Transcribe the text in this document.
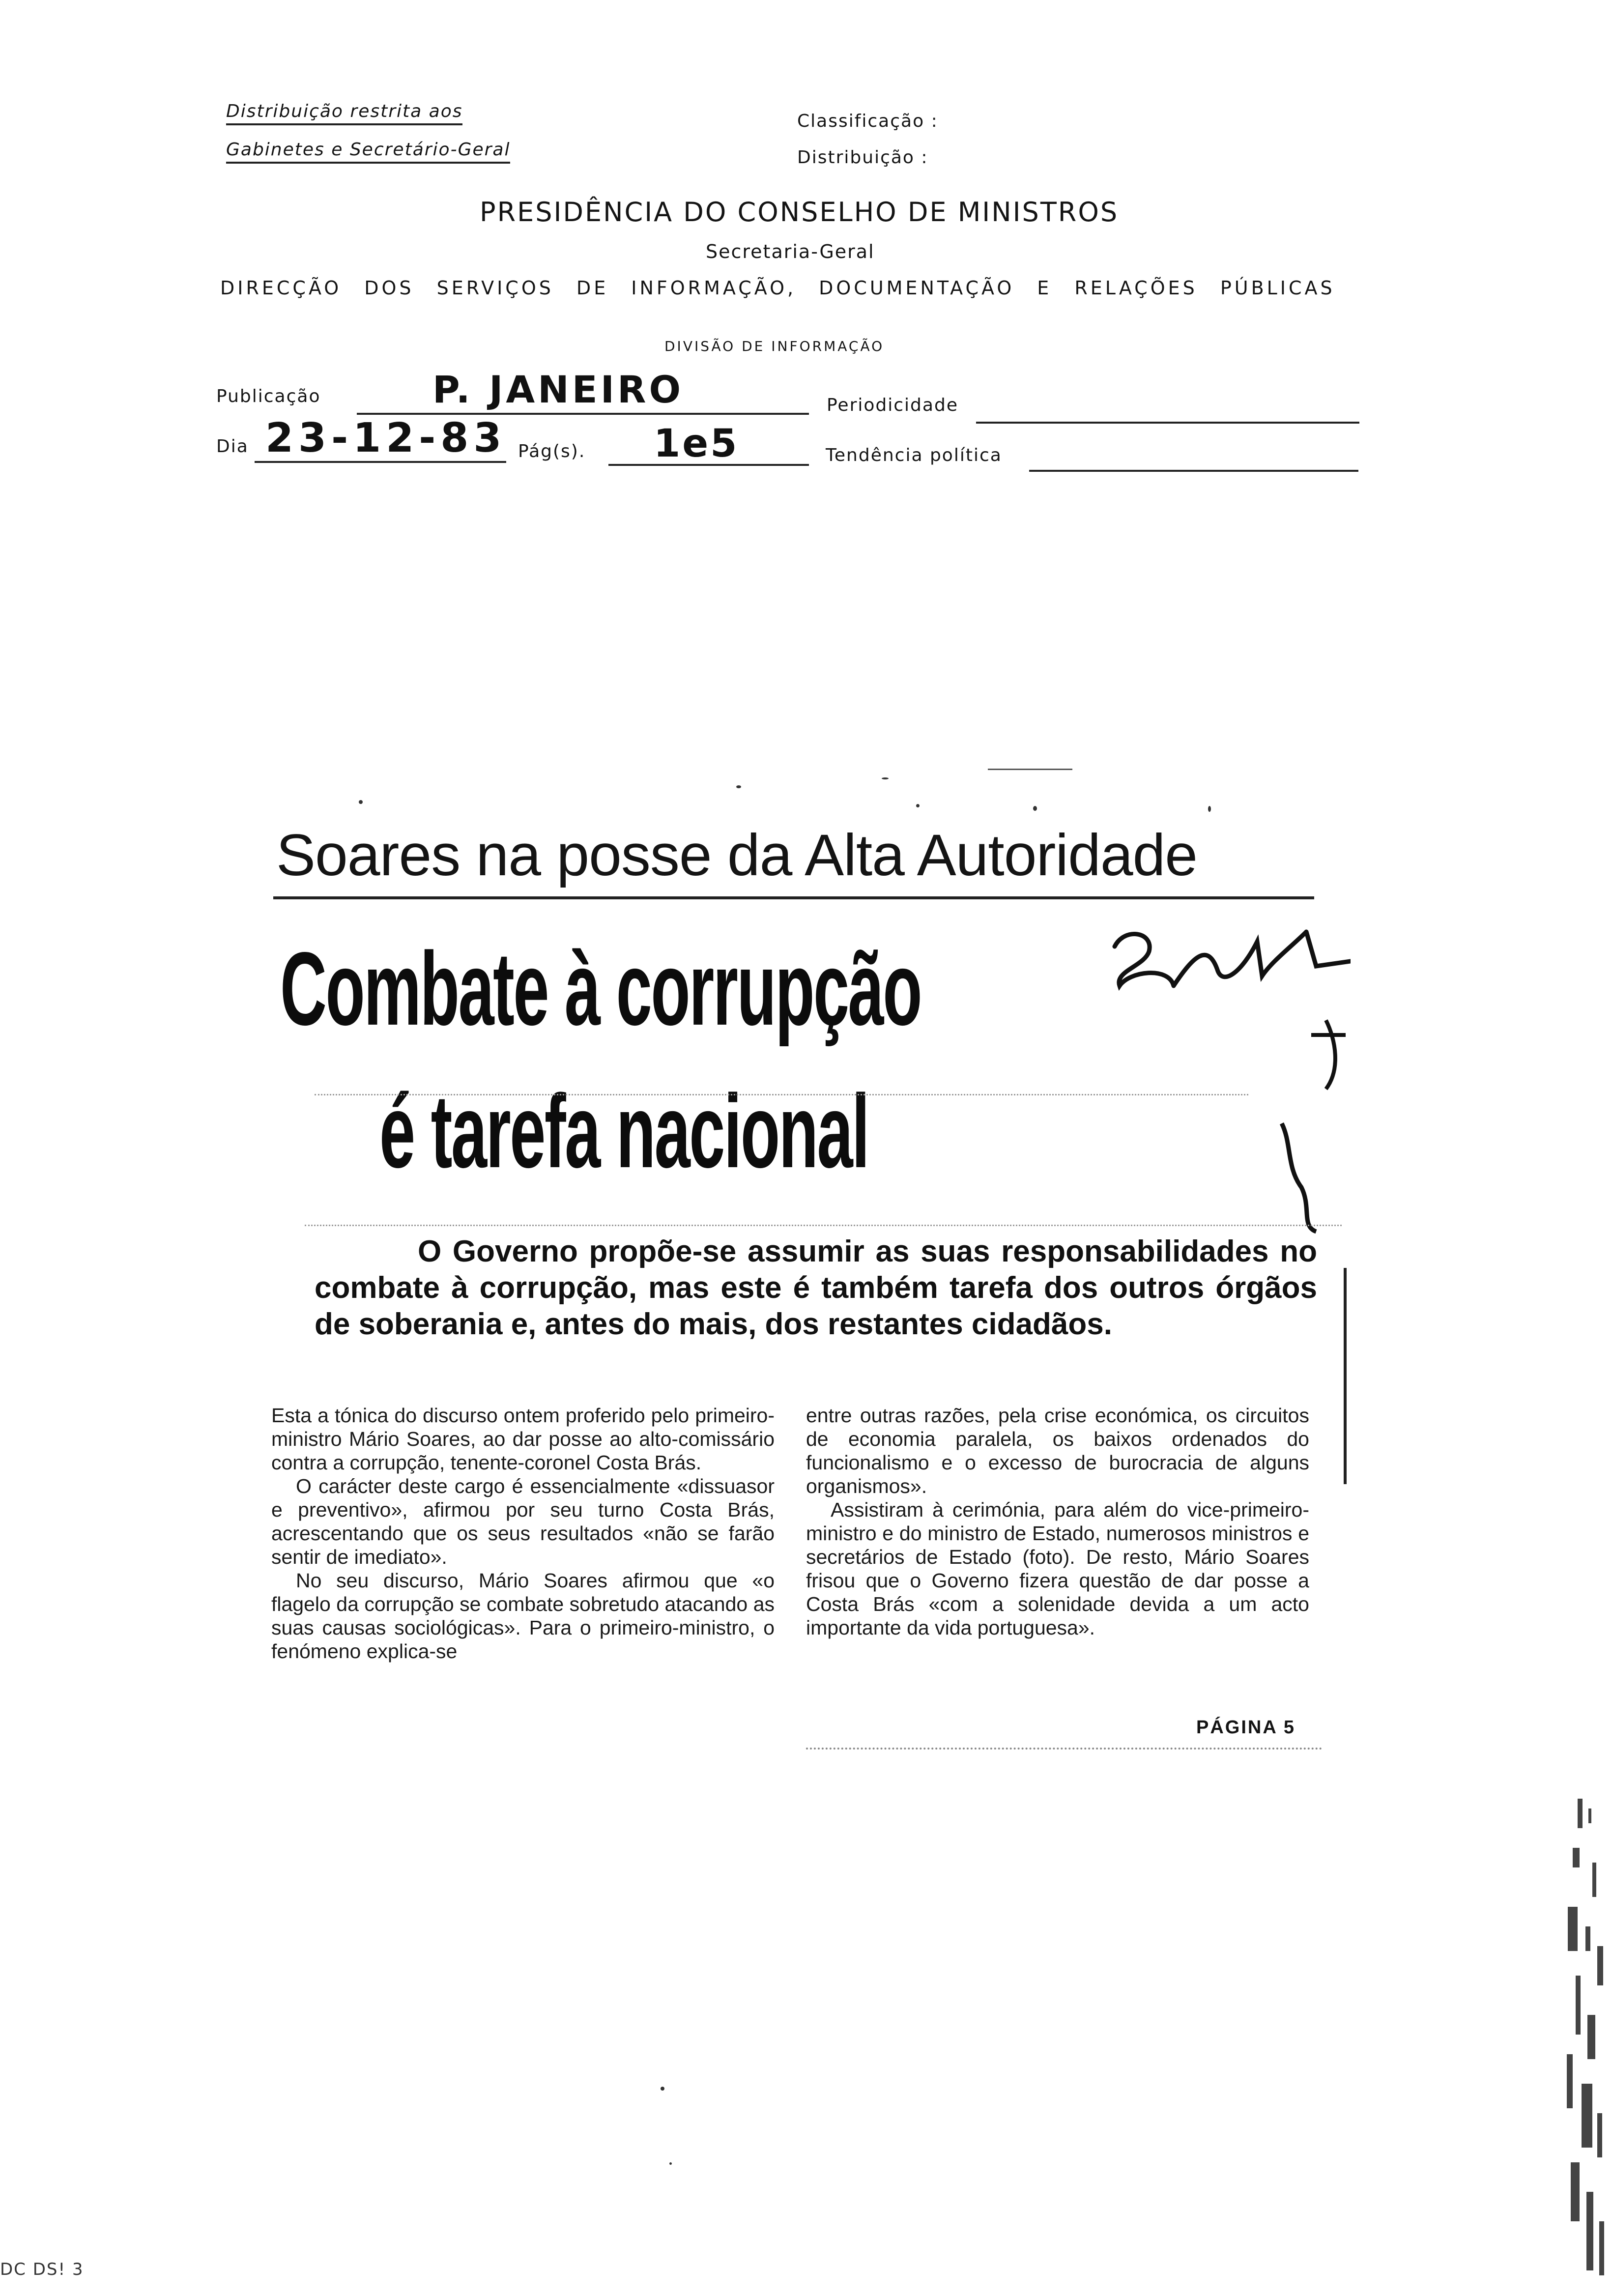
Distribuição restrita aos
Gabinetes e Secretário-Geral
Classificação :
Distribuição :
PRESIDÊNCIA DO CONSELHO DE MINISTROS
Secretaria-Geral
DIRECÇÃO DOS SERVIÇOS DE INFORMAÇÃO, DOCUMENTAÇÃO E RELAÇÕES PÚBLICAS
DIVISÃO DE INFORMAÇÃO
Publicação	P. JANEIRO	Periodicidade
Dia 23-12-83 Pág(s). 1e5	Tendência política
Soares na posse da Alta Autoridade
Combate à corrupção
é tarefa nacional
O Governo propõe-se assumir as suas responsabilidades no combate à corrupção, mas este é também tarefa dos outros órgãos de soberania e, antes do mais, dos restantes cidadãos.

Esta a tónica do discurso ontem proferido pelo primeiro-ministro Mário Soares, ao dar posse ao alto-comissário contra a corrupção, tenente-coronel Costa Brás.

O carácter deste cargo é essencialmente «dissuasor e preventivo», afirmou por seu turno Costa Brás, acrescentando que os seus resultados «não se farão sentir de imediato».

No seu discurso, Mário Soares afirmou que «o flagelo da corrupção se combate sobretudo atacando as suas causas sociológicas». Para o primeiro-ministro, o fenómeno explica-se

entre outras razões, pela crise económica, os circuitos de economia paralela, os baixos ordenados do funcionalismo e o excesso de burocracia de alguns organismos».

Assistiram à cerimónia, para além do vice-primeiro-ministro e do ministro de Estado, numerosos ministros e secretários de Estado (foto). De resto, Mário Soares frisou que o Governo fizera questão de dar posse a Costa Brás «com a solenidade devida a um acto importante da vida portuguesa».

PÁGINA 5
DC DS! 3
